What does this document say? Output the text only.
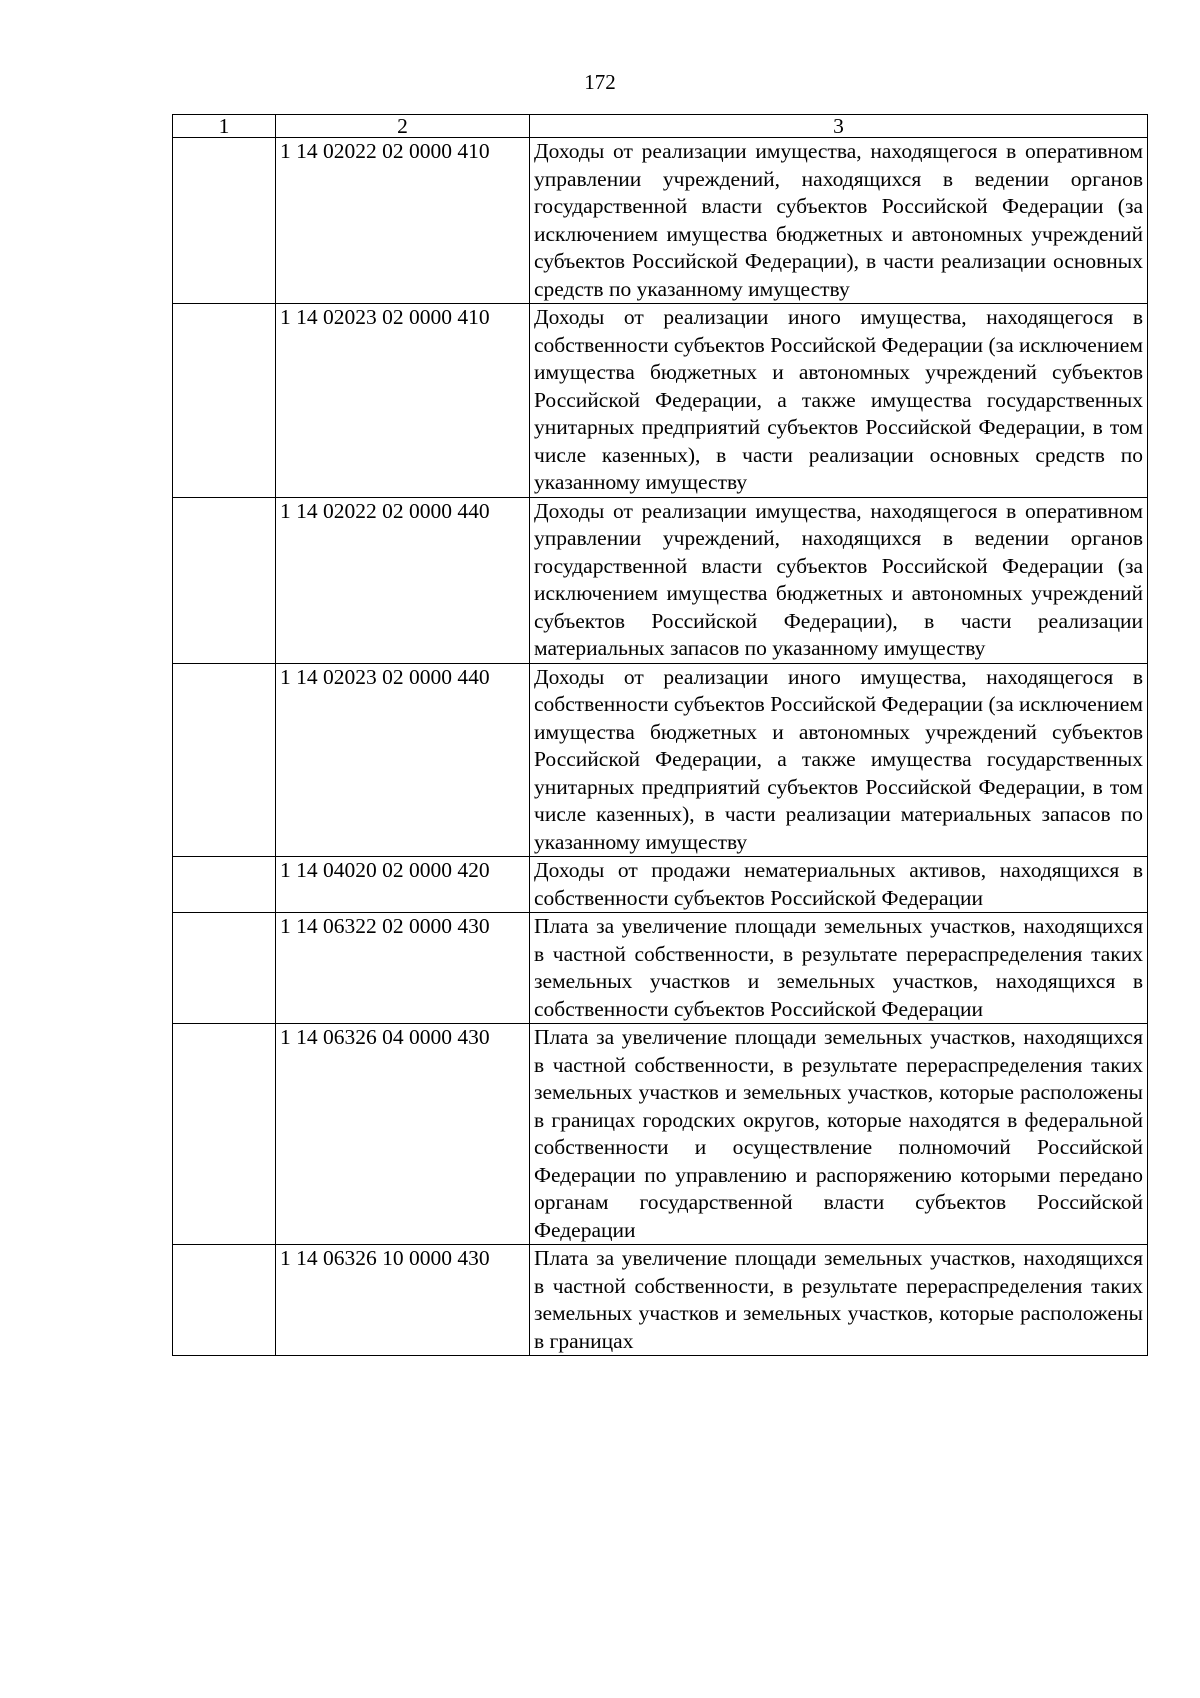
172
1	2	3
	1 14 02022 02 0000 410	Доходы от реализации имущества, находящегося в оперативном управлении учреждений, находящихся в ведении органов государственной власти субъектов Российской Федерации (за исключением имущества бюджетных и автономных учреждений субъектов Российской Федерации), в части реализации основных средств по указанному имуществу
	1 14 02023 02 0000 410	Доходы от реализации иного имущества, находящегося в собственности субъектов Российской Федерации (за исключением имущества бюджетных и автономных учреждений субъектов Российской Федерации, а также имущества государственных унитарных предприятий субъектов Российской Федерации, в том числе казенных), в части реализации основных средств по указанному имуществу
	1 14 02022 02 0000 440	Доходы от реализации имущества, находящегося в оперативном управлении учреждений, находящихся в ведении органов государственной власти субъектов Российской Федерации (за исключением имущества бюджетных и автономных учреждений субъектов Российской Федерации), в части реализации материальных запасов по указанному имуществу
	1 14 02023 02 0000 440	Доходы от реализации иного имущества, находящегося в собственности субъектов Российской Федерации (за исключением имущества бюджетных и автономных учреждений субъектов Российской Федерации, а также имущества государственных унитарных предприятий субъектов Российской Федерации, в том числе казенных), в части реализации материальных запасов по указанному имуществу
	1 14 04020 02 0000 420	Доходы от продажи нематериальных активов, находящихся в собственности субъектов Российской Федерации
	1 14 06322 02 0000 430	Плата за увеличение площади земельных участков, находящихся в частной собственности, в результате перераспределения таких земельных участков и земельных участков, находящихся в собственности субъектов Российской Федерации
	1 14 06326 04 0000 430	Плата за увеличение площади земельных участков, находящихся в частной собственности, в результате перераспределения таких земельных участков и земельных участков, которые расположены в границах городских округов, которые находятся в федеральной собственности и осуществление полномочий Российской Федерации по управлению и распоряжению которыми передано органам государственной власти субъектов Российской Федерации
	1 14 06326 10 0000 430	Плата за увеличение площади земельных участков, находящихся в частной собственности, в результате перераспределения таких земельных участков и земельных участков, которые расположены в границах
